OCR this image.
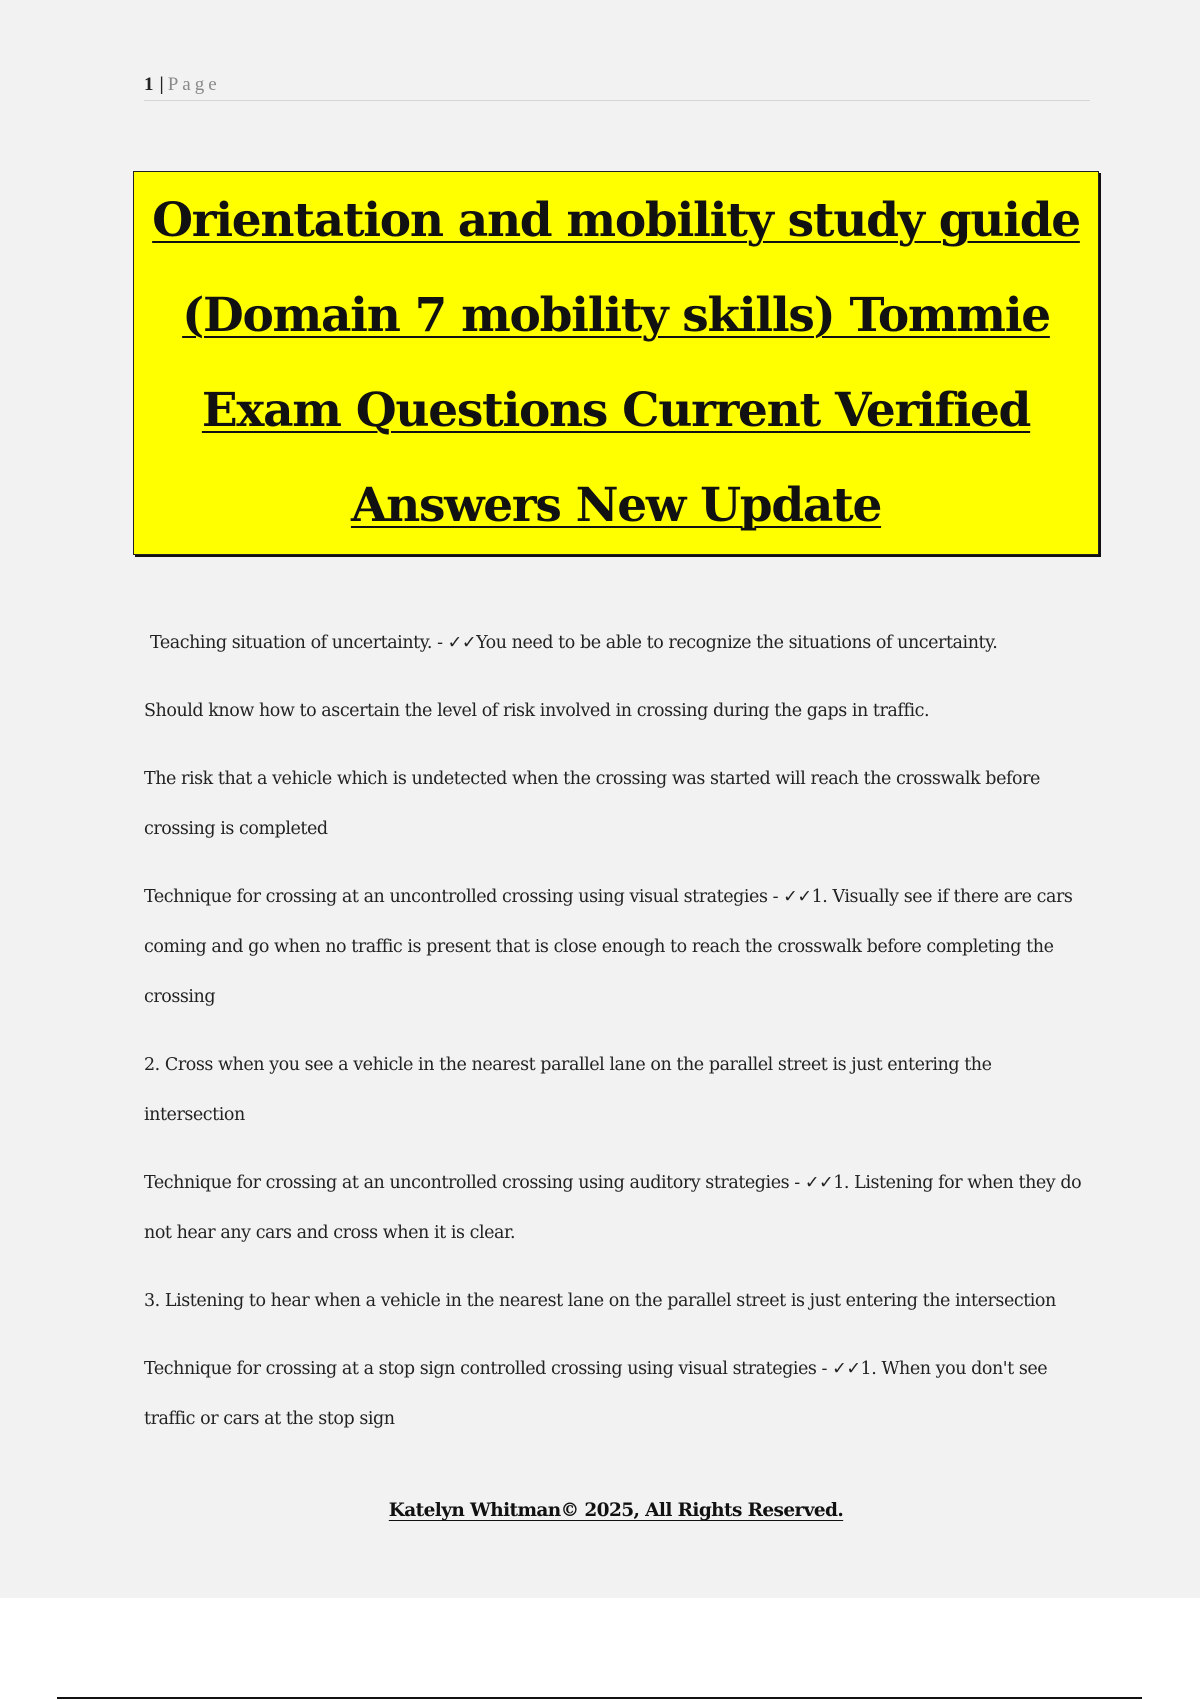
1 | Page
Orientation and mobility study guide (Domain 7 mobility skills) Tommie Exam Questions Current Verified Answers New Update

Teaching situation of uncertainty. - ✓✓You need to be able to recognize the situations of uncertainty.

Should know how to ascertain the level of risk involved in crossing during the gaps in traffic.

The risk that a vehicle which is undetected when the crossing was started will reach the crosswalk before crossing is completed

Technique for crossing at an uncontrolled crossing using visual strategies - ✓✓1. Visually see if there are cars coming and go when no traffic is present that is close enough to reach the crosswalk before completing the crossing

2. Cross when you see a vehicle in the nearest parallel lane on the parallel street is just entering the intersection

Technique for crossing at an uncontrolled crossing using auditory strategies - ✓✓1. Listening for when they do not hear any cars and cross when it is clear.

3. Listening to hear when a vehicle in the nearest lane on the parallel street is just entering the intersection

Technique for crossing at a stop sign controlled crossing using visual strategies - ✓✓1. When you don't see traffic or cars at the stop sign

Katelyn Whitman© 2025, All Rights Reserved.
